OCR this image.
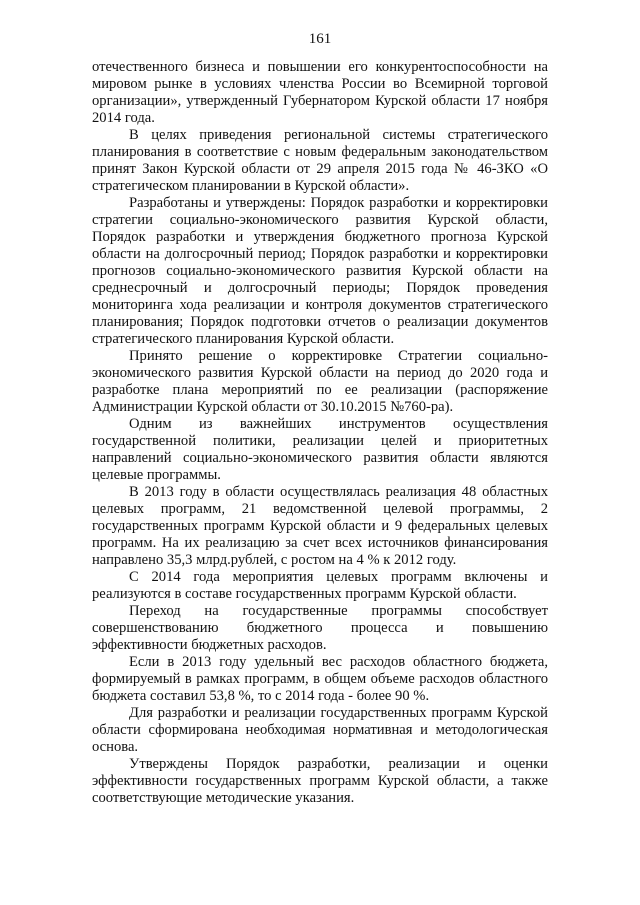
161

отечественного бизнеса и повышении его конкурентоспособности на мировом рынке в условиях членства России во Всемирной торговой организации», утвержденный Губернатором Курской области 17 ноября 2014 года.

В целях приведения региональной системы стратегического планирования в соответствие с новым федеральным законодательством принят Закон Курской области от 29 апреля 2015 года № 46-ЗКО «О стратегическом планировании в Курской области».

Разработаны и утверждены: Порядок разработки и корректировки стратегии социально-экономического развития Курской области, Порядок разработки и утверждения бюджетного прогноза Курской области на долгосрочный период; Порядок разработки и корректировки прогнозов социально-экономического развития Курской области на среднесрочный и долгосрочный периоды; Порядок проведения мониторинга хода реализации и контроля документов стратегического планирования; Порядок подготовки отчетов о реализации документов стратегического планирования Курской области.

Принято решение о корректировке Стратегии социально-экономического развития Курской области на период до 2020 года и разработке плана мероприятий по ее реализации (распоряжение Администрации Курской области от 30.10.2015 №760-ра).

Одним из важнейших инструментов осуществления государственной политики, реализации целей и приоритетных направлений социально-экономического развития области являются целевые программы.

В 2013 году в области осуществлялась реализация 48 областных целевых программ, 21 ведомственной целевой программы, 2 государственных программ Курской области и 9 федеральных целевых программ. На их реализацию за счет всех источников финансирования направлено 35,3 млрд.рублей, с ростом на 4 % к 2012 году.

С 2014 года мероприятия целевых программ включены и реализуются в составе государственных программ Курской области.

Переход на государственные программы способствует совершенствованию бюджетного процесса и повышению эффективности бюджетных расходов.

Если в 2013 году удельный вес расходов областного бюджета, формируемый в рамках программ, в общем объеме расходов областного бюджета составил 53,8 %, то с 2014 года - более 90 %.

Для разработки и реализации государственных программ Курской области сформирована необходимая нормативная и методологическая основа.

Утверждены Порядок разработки, реализации и оценки эффективности государственных программ Курской области, а также соответствующие методические указания.
